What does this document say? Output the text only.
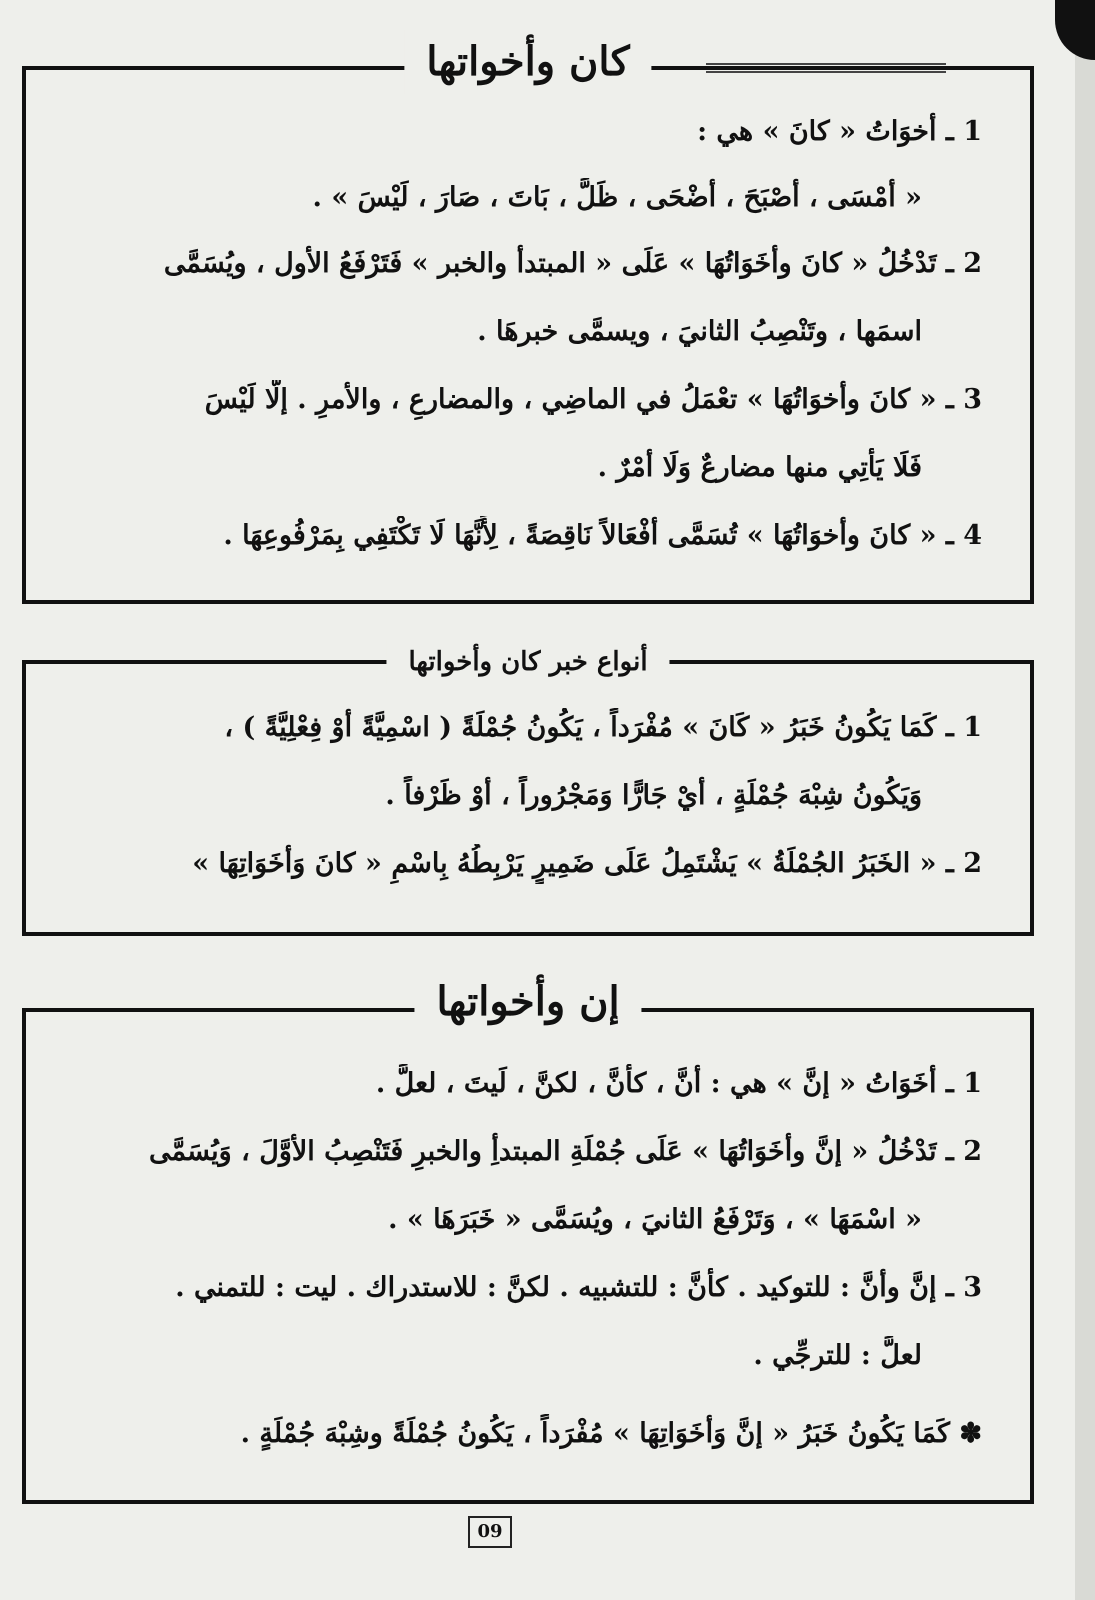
كان وأخواتها
1 ـ أخوَاتُ « كانَ » هي :
« أمْسَى ، أصْبَحَ ، أضْحَى ، ظَلَّ ، بَاتَ ، صَارَ ، لَيْسَ » .
2 ـ تَدْخُلُ « كانَ وأخَوَاتُهَا » عَلَى « المبتدأ والخبر » فَتَرْفَعُ الأول ، ويُسَمَّى
اسمَها ، وتَنْصِبُ الثانيَ ، ويسمَّى خبرهَا .
3 ـ « كانَ وأخوَاتُهَا » تعْمَلُ في الماضِي ، والمضارعِ ، والأمرِ . إلَّا لَيْسَ
فَلَا يَأْتِي منها مضارعٌ وَلَا أمْرٌ .
4 ـ « كانَ وأخوَاتُهَا » تُسَمَّى أفْعَالاً نَاقِصَةً ، لِأَنَّهَا لَا تَكْتَفِي بِمَرْفُوعِهَا .
أنواع خبر كان وأخواتها
1 ـ كَمَا يَكُونُ خَبَرُ « كَانَ » مُفْرَداً ، يَكُونُ جُمْلَةً ( اسْمِيَّةً أوْ فِعْلِيَّةً ) ،
وَيَكُونُ شِبْهَ جُمْلَةٍ ، أيْ جَارًّا وَمَجْرُوراً ، أوْ ظَرْفاً .
2 ـ « الخَبَرُ الجُمْلَةُ » يَشْتَمِلُ عَلَى ضَمِيرٍ يَرْبِطُهُ بِاسْمِ « كانَ وَأخَوَاتِهَا »
إن وأخواتها
1 ـ أخَوَاتُ « إنَّ » هي : أنَّ ، كأنَّ ، لكنَّ ، لَيتَ ، لعلَّ .
2 ـ تَدْخُلُ « إنَّ وأخَوَاتُهَا » عَلَى جُمْلَةِ المبتدأِ والخبرِ فَتَنْصِبُ الأوَّلَ ، وَيُسَمَّى
« اسْمَهَا » ، وَتَرْفَعُ الثانيَ ، ويُسَمَّى « خَبَرَهَا » .
3 ـ إنَّ وأنَّ : للتوكيد . كأنَّ : للتشبيه . لكنَّ : للاستدراك . ليت : للتمني .
لعلَّ : للترجِّي .
✽ كَمَا يَكُونُ خَبَرُ « إنَّ وَأخَوَاتِهَا » مُفْرَداً ، يَكُونُ جُمْلَةً وشِبْهَ جُمْلَةٍ .
09
